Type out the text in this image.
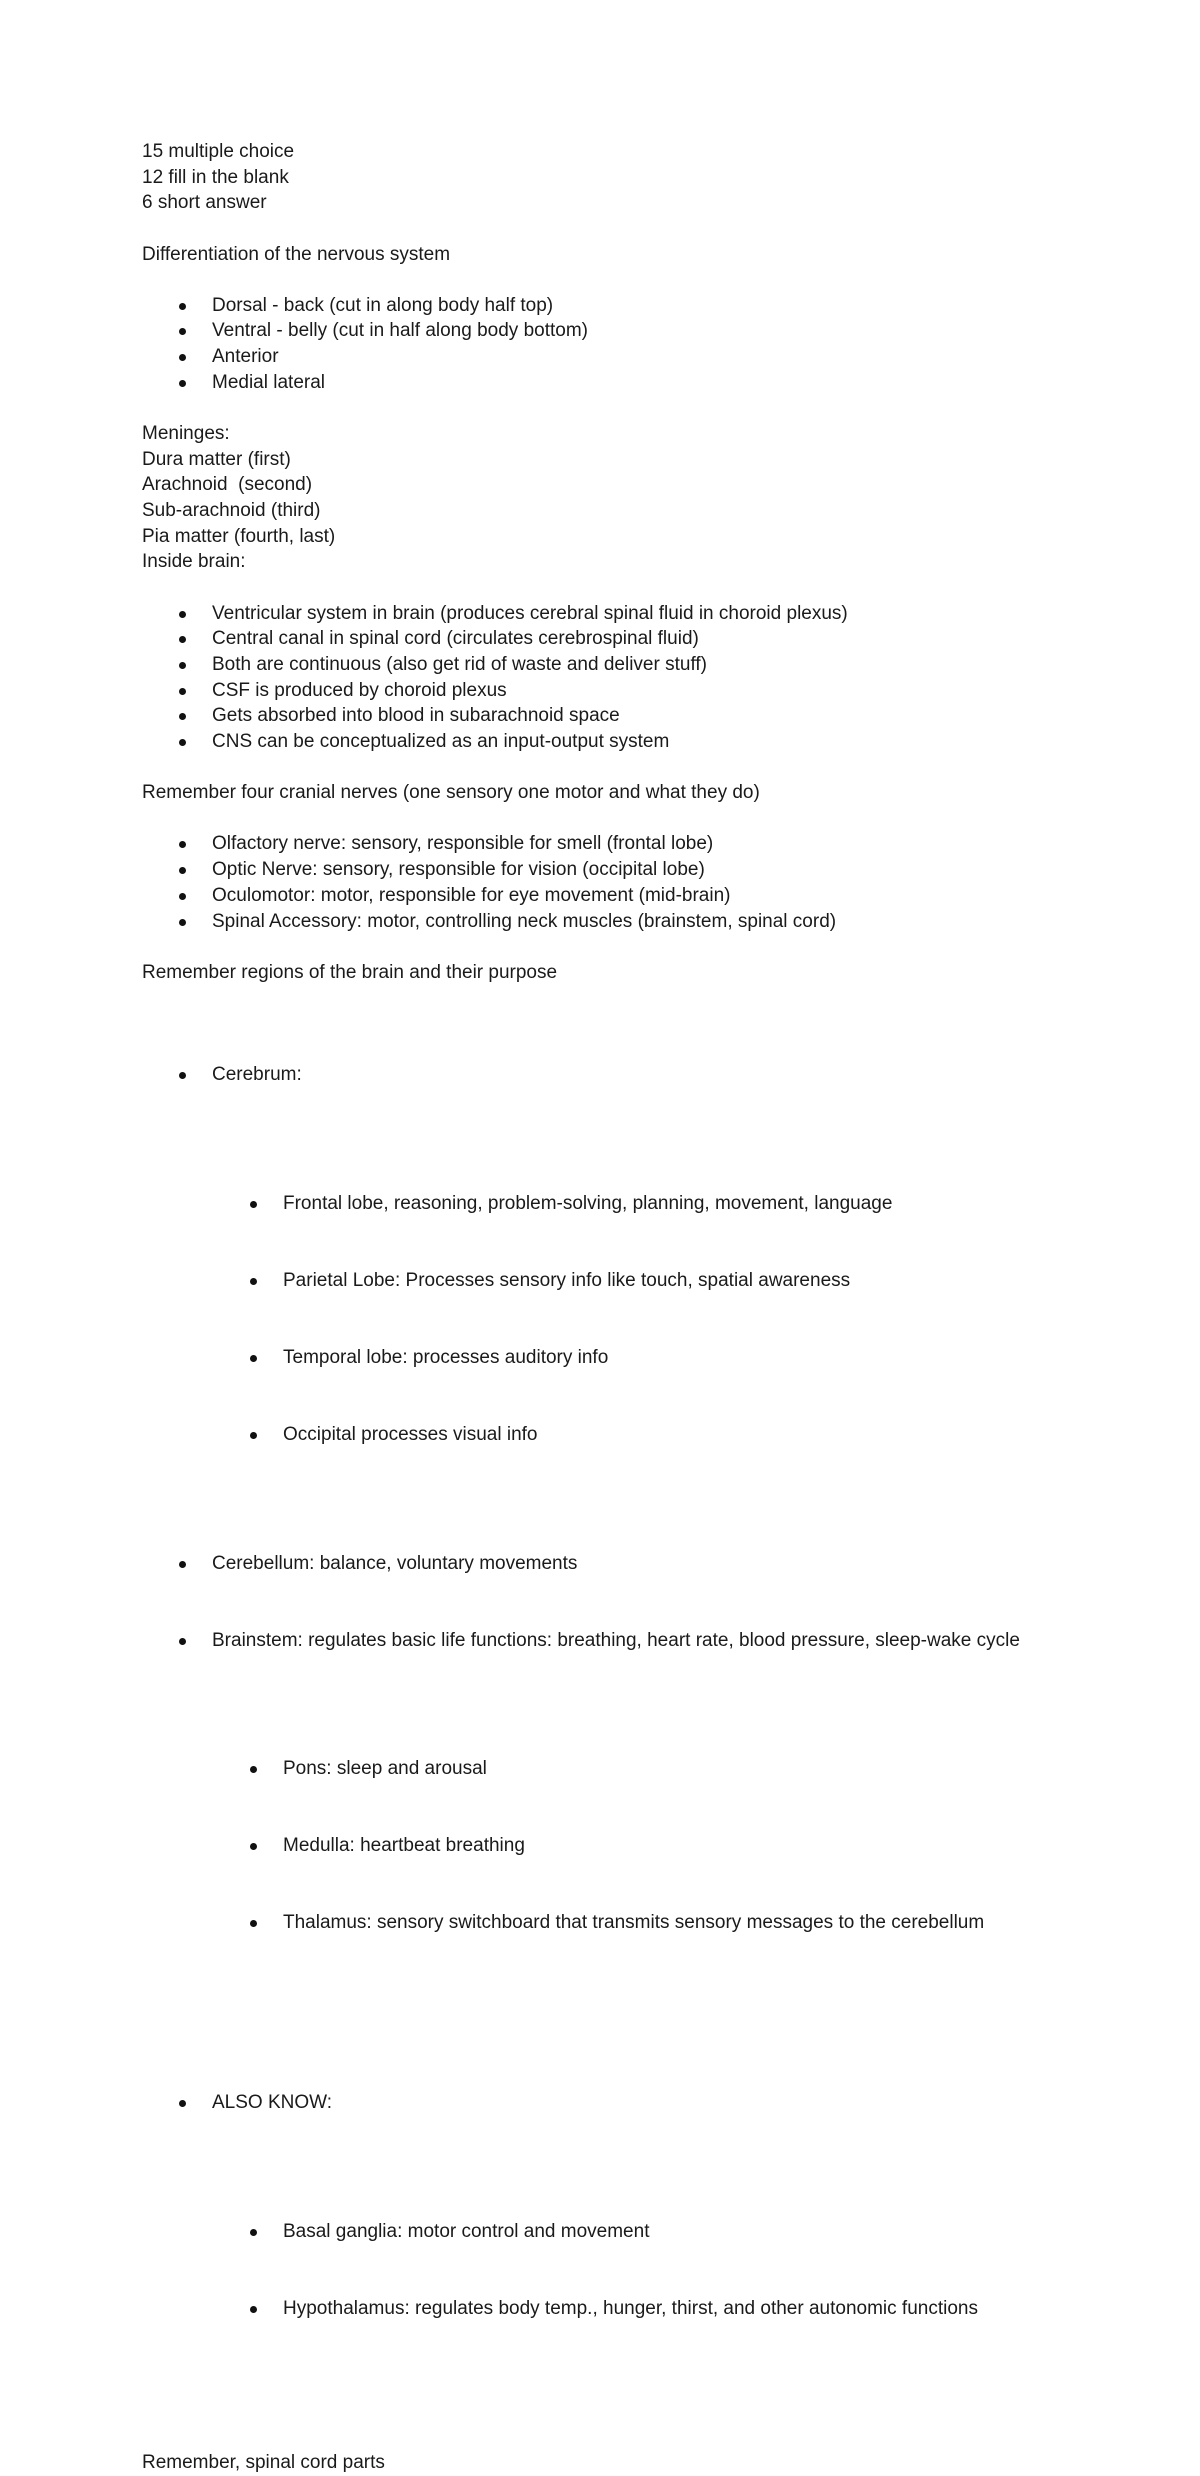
15 multiple choice
12 fill in the blank
6 short answer
Differentiation of the nervous system
Dorsal - back (cut in along body half top)
Ventral - belly (cut in half along body bottom)
Anterior
Medial lateral
Meninges:
Dura matter (first)
Arachnoid  (second)
Sub-arachnoid (third)
Pia matter (fourth, last)
Inside brain:
Ventricular system in brain (produces cerebral spinal fluid in choroid plexus)
Central canal in spinal cord (circulates cerebrospinal fluid)
Both are continuous (also get rid of waste and deliver stuff)
CSF is produced by choroid plexus
Gets absorbed into blood in subarachnoid space
CNS can be conceptualized as an input-output system
Remember four cranial nerves (one sensory one motor and what they do)
Olfactory nerve: sensory, responsible for smell (frontal lobe)
Optic Nerve: sensory, responsible for vision (occipital lobe)
Oculomotor: motor, responsible for eye movement (mid-brain)
Spinal Accessory: motor, controlling neck muscles (brainstem, spinal cord)
Remember regions of the brain and their purpose

Cerebrum:

Frontal lobe, reasoning, problem-solving, planning, movement, language

Parietal Lobe: Processes sensory info like touch, spatial awareness

Temporal lobe: processes auditory info

Occipital processes visual info

Cerebellum: balance, voluntary movements

Brainstem: regulates basic life functions: breathing, heart rate, blood pressure, sleep-wake cycle

Pons: sleep and arousal

Medulla: heartbeat breathing

Thalamus: sensory switchboard that transmits sensory messages to the cerebellum

ALSO KNOW:

Basal ganglia: motor control and movement

Hypothalamus: regulates body temp., hunger, thirst, and other autonomic functions

Remember, spinal cord parts
